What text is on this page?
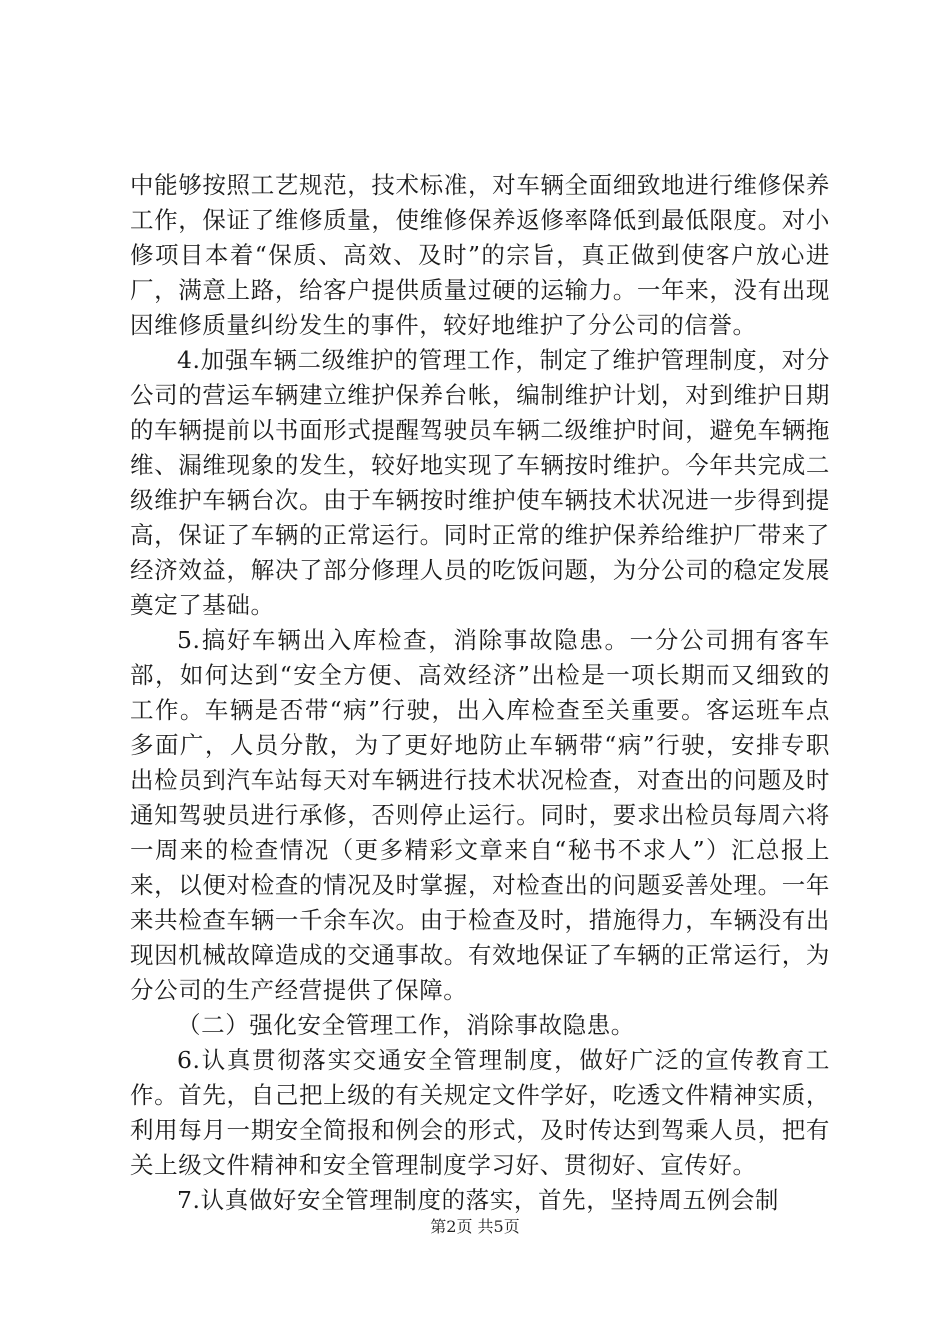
中能够按照工艺规范，技术标准，对车辆全面细致地进行维修保养工作，保证了维修质量，使维修保养返修率降低到最低限度。对小修项目本着“保质、高效、及时”的宗旨，真正做到使客户放心进厂，满意上路，给客户提供质量过硬的运输力。一年来，没有出现因维修质量纠纷发生的事件，较好地维护了分公司的信誉。

4.加强车辆二级维护的管理工作，制定了维护管理制度，对分公司的营运车辆建立维护保养台帐，编制维护计划，对到维护日期的车辆提前以书面形式提醒驾驶员车辆二级维护时间，避免车辆拖维、漏维现象的发生，较好地实现了车辆按时维护。今年共完成二级维护车辆台次。由于车辆按时维护使车辆技术状况进一步得到提高，保证了车辆的正常运行。同时正常的维护保养给维护厂带来了经济效益，解决了部分修理人员的吃饭问题，为分公司的稳定发展奠定了基础。

5.搞好车辆出入库检查，消除事故隐患。一分公司拥有客车部，如何达到“安全方便、高效经济”出检是一项长期而又细致的工作。车辆是否带“病”行驶，出入库检查至关重要。客运班车点多面广，人员分散，为了更好地防止车辆带“病”行驶，安排专职出检员到汽车站每天对车辆进行技术状况检查，对查出的问题及时通知驾驶员进行承修，否则停止运行。同时，要求出检员每周六将一周来的检查情况（更多精彩文章来自“秘书不求人”）汇总报上来，以便对检查的情况及时掌握，对检查出的问题妥善处理。一年来共检查车辆一千余车次。由于检查及时，措施得力，车辆没有出现因机械故障造成的交通事故。有效地保证了车辆的正常运行，为分公司的生产经营提供了保障。

（二）强化安全管理工作，消除事故隐患。

6.认真贯彻落实交通安全管理制度，做好广泛的宣传教育工作。首先，自己把上级的有关规定文件学好，吃透文件精神实质，利用每月一期安全简报和例会的形式，及时传达到驾乘人员，把有关上级文件精神和安全管理制度学习好、贯彻好、宣传好。

7.认真做好安全管理制度的落实，首先，坚持周五例会制

第2页 共5页
